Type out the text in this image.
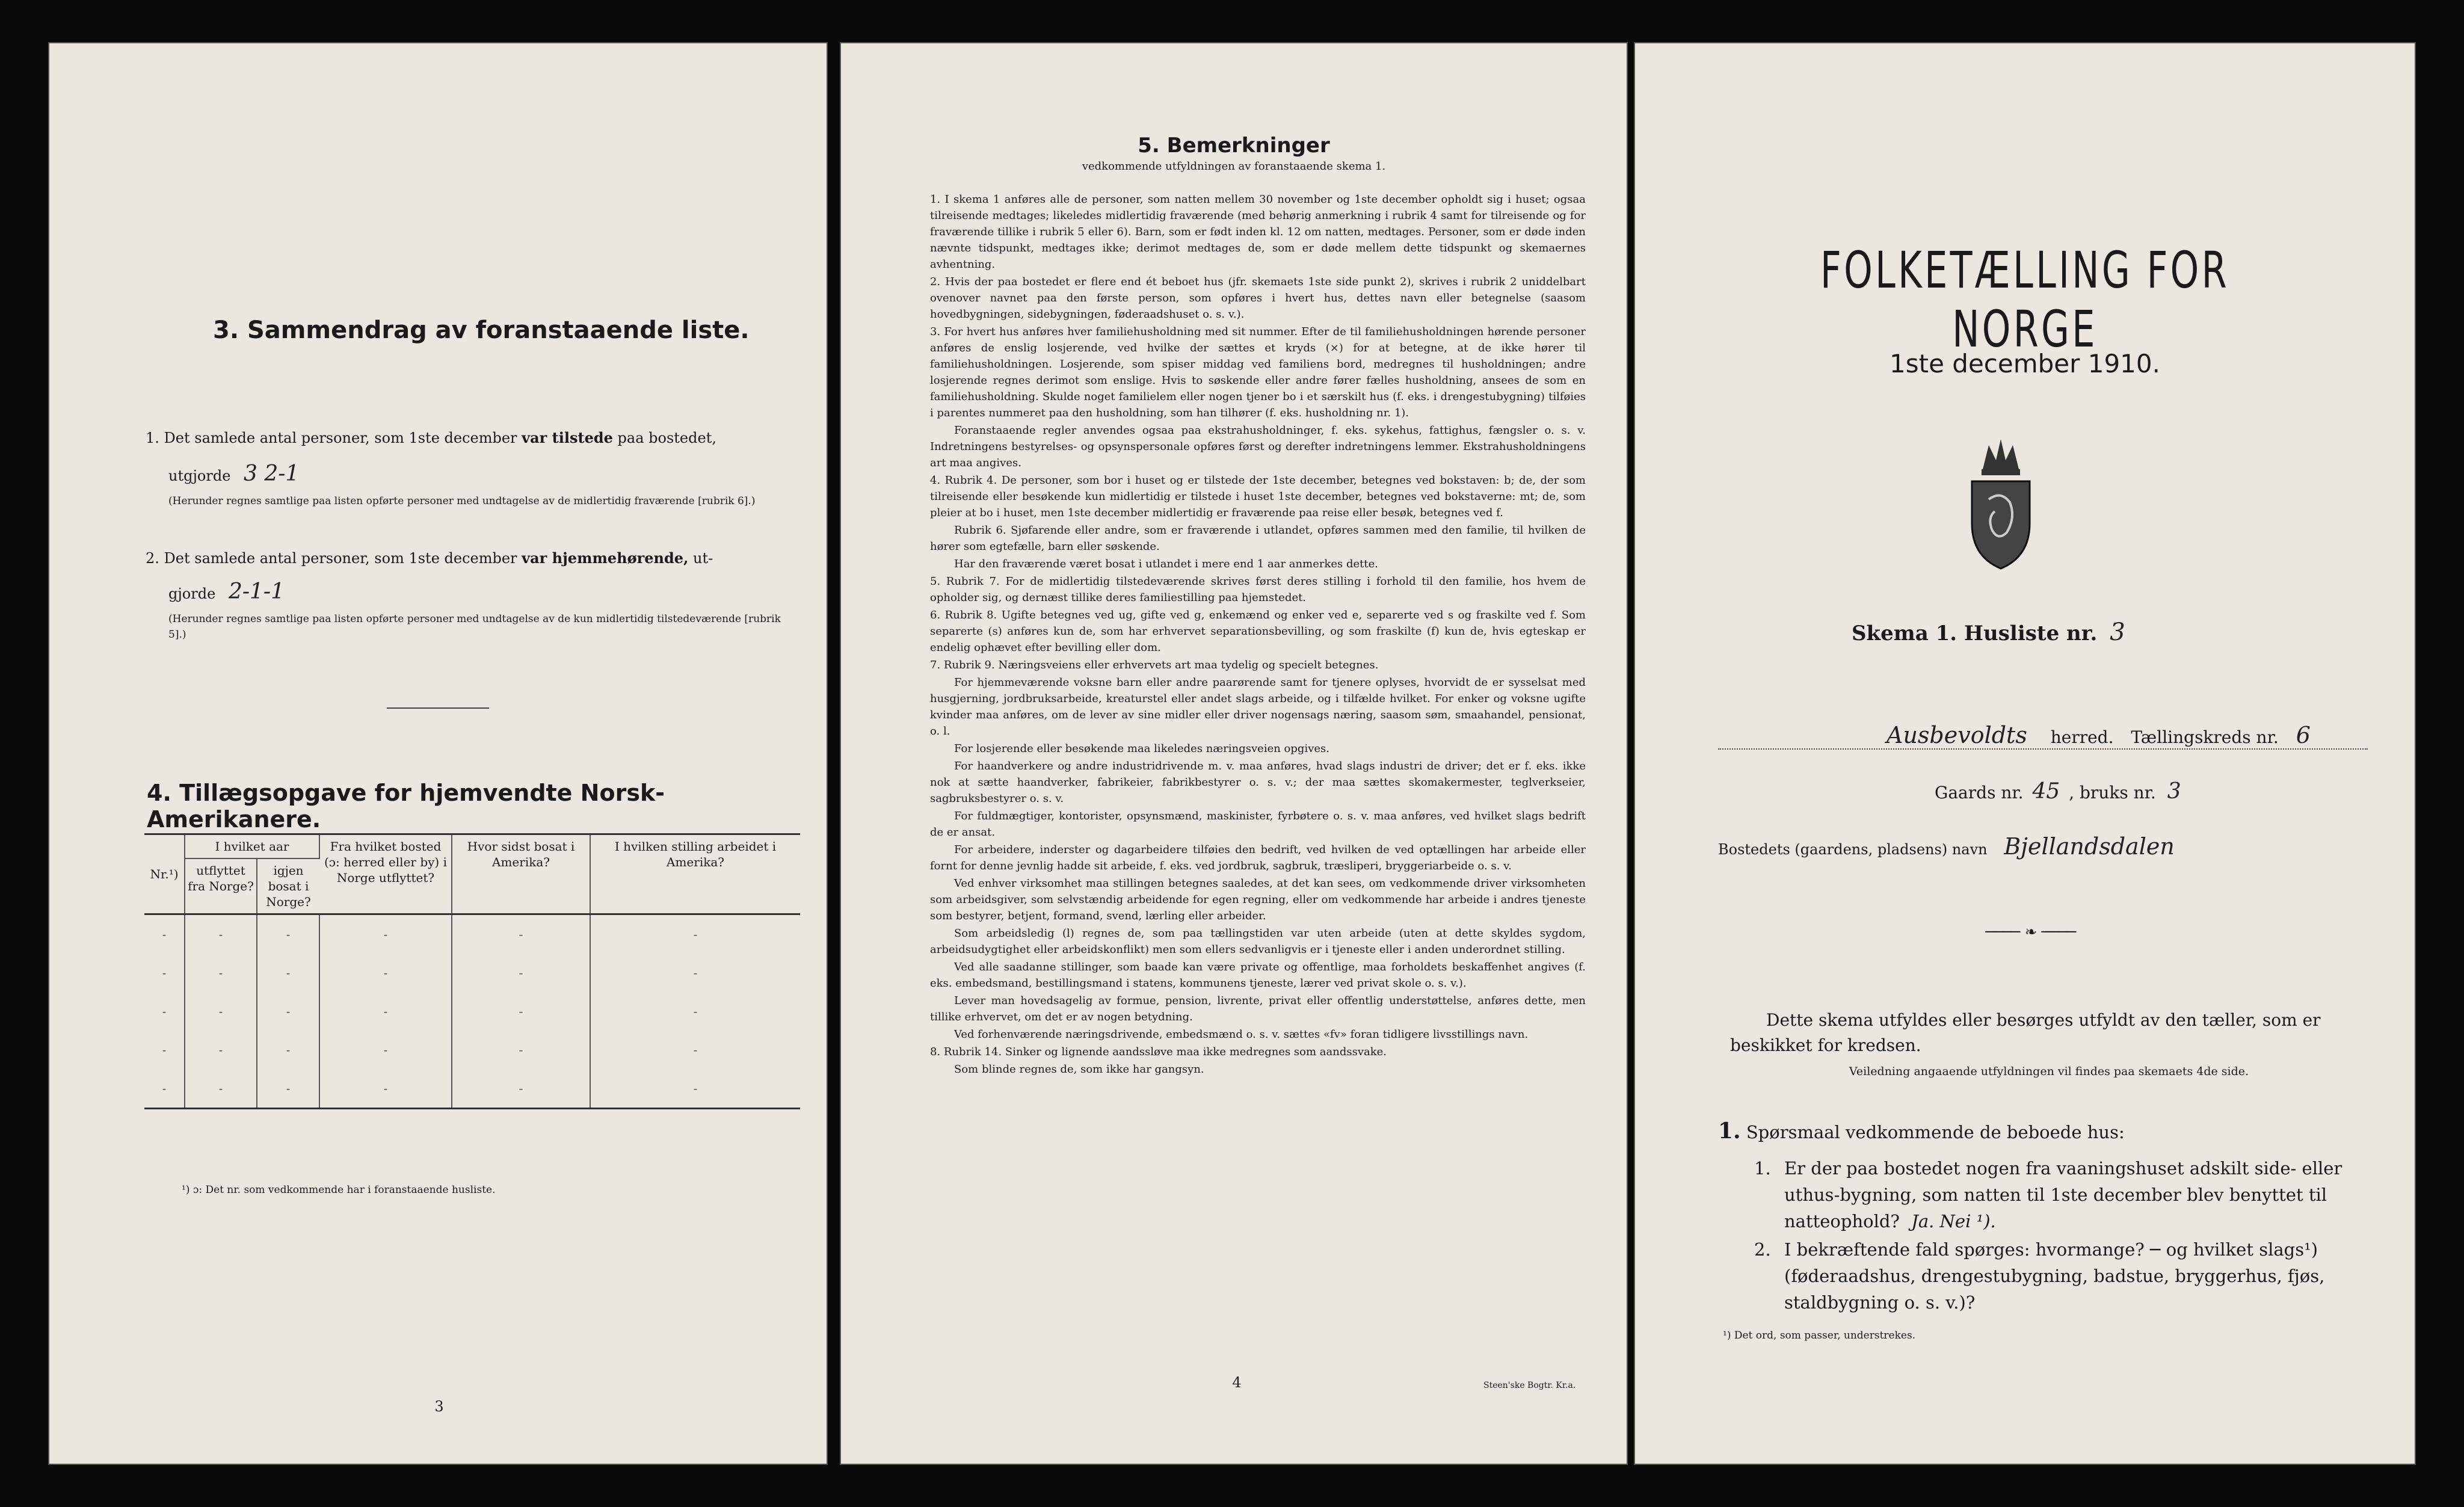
3. Sammendrag av foranstaaende liste.
1. Det samlede antal personer, som 1ste december var tilstede paa bostedet,
utgjorde 3 2-1
(Herunder regnes samtlige paa listen opførte personer med undtagelse av de midlertidig fraværende [rubrik 6].)
2. Det samlede antal personer, som 1ste december var hjemmehørende, ut-
gjorde 2-1-1
(Herunder regnes samtlige paa listen opførte personer med undtagelse av de kun midlertidig tilstedeværende [rubrik 5].)
4. Tillægsopgave for hjemvendte Norsk-Amerikanere.
Nr.¹)	I hvilket aar		Fra hvilket bosted (ɔ: herred eller by) i Norge utflyttet?	Hvor sidst bosat i Amerika?	I hvilken stilling arbeidet i Amerika?
	utflyttet fra Norge?	igjen bosat i Norge?			
-	-	-	-	-	-
-	-	-	-	-	-
-	-	-	-	-	-
-	-	-	-	-	-
-	-	-	-	-	-
¹) ɔ: Det nr. som vedkommende har i foranstaaende husliste.
3
5. Bemerkninger
vedkommende utfyldningen av foranstaaende skema 1.

1. I skema 1 anføres alle de personer, som natten mellem 30 november og 1ste december opholdt sig i huset; ogsaa tilreisende medtages; likeledes midlertidig fraværende (med behørig anmerkning i rubrik 4 samt for tilreisende og for fraværende tillike i rubrik 5 eller 6). Barn, som er født inden kl. 12 om natten, medtages. Personer, som er døde inden nævnte tidspunkt, medtages ikke; derimot medtages de, som er døde mellem dette tidspunkt og skemaernes avhentning.

2. Hvis der paa bostedet er flere end ét beboet hus (jfr. skemaets 1ste side punkt 2), skrives i rubrik 2 uniddelbart ovenover navnet paa den første person, som opføres i hvert hus, dettes navn eller betegnelse (saasom hovedbygningen, sidebygningen, føderaadshuset o. s. v.).

3. For hvert hus anføres hver familiehusholdning med sit nummer. Efter de til familiehusholdningen hørende personer anføres de enslig losjerende, ved hvilke der sættes et kryds (×) for at betegne, at de ikke hører til familiehusholdningen. Losjerende, som spiser middag ved familiens bord, medregnes til husholdningen; andre losjerende regnes derimot som enslige. Hvis to søskende eller andre fører fælles husholdning, ansees de som en familiehusholdning. Skulde noget familielem eller nogen tjener bo i et særskilt hus (f. eks. i drengestubygning) tilføies i parentes nummeret paa den husholdning, som han tilhører (f. eks. husholdning nr. 1).

Foranstaaende regler anvendes ogsaa paa ekstrahusholdninger, f. eks. sykehus, fattighus, fængsler o. s. v. Indretningens bestyrelses- og opsynspersonale opføres først og derefter indretningens lemmer. Ekstrahusholdningens art maa angives.

4. Rubrik 4. De personer, som bor i huset og er tilstede der 1ste december, betegnes ved bokstaven: b; de, der som tilreisende eller besøkende kun midlertidig er tilstede i huset 1ste december, betegnes ved bokstaverne: mt; de, som pleier at bo i huset, men 1ste december midlertidig er fraværende paa reise eller besøk, betegnes ved f.

Rubrik 6. Sjøfarende eller andre, som er fraværende i utlandet, opføres sammen med den familie, til hvilken de hører som egtefælle, barn eller søskende.

Har den fraværende været bosat i utlandet i mere end 1 aar anmerkes dette.

5. Rubrik 7. For de midlertidig tilstedeværende skrives først deres stilling i forhold til den familie, hos hvem de opholder sig, og dernæst tillike deres familiestilling paa hjemstedet.

6. Rubrik 8. Ugifte betegnes ved ug, gifte ved g, enkemænd og enker ved e, separerte ved s og fraskilte ved f. Som separerte (s) anføres kun de, som har erhvervet separationsbevilling, og som fraskilte (f) kun de, hvis egteskap er endelig ophævet efter bevilling eller dom.

7. Rubrik 9. Næringsveiens eller erhvervets art maa tydelig og specielt betegnes.

For hjemmeværende voksne barn eller andre paarørende samt for tjenere oplyses, hvorvidt de er sysselsat med husgjerning, jordbruksarbeide, kreaturstel eller andet slags arbeide, og i tilfælde hvilket. For enker og voksne ugifte kvinder maa anføres, om de lever av sine midler eller driver nogensags næring, saasom søm, smaahandel, pensionat, o. l.

For losjerende eller besøkende maa likeledes næringsveien opgives.

For haandverkere og andre industridrivende m. v. maa anføres, hvad slags industri de driver; det er f. eks. ikke nok at sætte haandverker, fabrikeier, fabrikbestyrer o. s. v.; der maa sættes skomakermester, teglverkseier, sagbruksbestyrer o. s. v.

For fuldmægtiger, kontorister, opsynsmænd, maskinister, fyrbøtere o. s. v. maa anføres, ved hvilket slags bedrift de er ansat.

For arbeidere, inderster og dagarbeidere tilføies den bedrift, ved hvilken de ved optællingen har arbeide eller fornt for denne jevnlig hadde sit arbeide, f. eks. ved jordbruk, sagbruk, træsliperi, bryggeriarbeide o. s. v.

Ved enhver virksomhet maa stillingen betegnes saaledes, at det kan sees, om vedkommende driver virksomheten som arbeidsgiver, som selvstændig arbeidende for egen regning, eller om vedkommende har arbeide i andres tjeneste som bestyrer, betjent, formand, svend, lærling eller arbeider.

Som arbeidsledig (l) regnes de, som paa tællingstiden var uten arbeide (uten at dette skyldes sygdom, arbeidsudygtighet eller arbeidskonflikt) men som ellers sedvanligvis er i tjeneste eller i anden underordnet stilling.

Ved alle saadanne stillinger, som baade kan være private og offentlige, maa forholdets beskaffenhet angives (f. eks. embedsmand, bestillingsmand i statens, kommunens tjeneste, lærer ved privat skole o. s. v.).

Lever man hovedsagelig av formue, pension, livrente, privat eller offentlig understøttelse, anføres dette, men tillike erhvervet, om det er av nogen betydning.

Ved forhenværende næringsdrivende, embedsmænd o. s. v. sættes «fv» foran tidligere livsstillings navn.

8. Rubrik 14. Sinker og lignende aandssløve maa ikke medregnes som aandssvake.

Som blinde regnes de, som ikke har gangsyn.

4	Steen'ske Bogtr. Kr.a.
FOLKETÆLLING FOR NORGE
1ste december 1910.
Skema 1. Husliste nr. 3
Ausbevoldts herred. Tællingskreds nr. 6
Gaards nr. 45 , bruks nr. 3
Bostedets (gaardens, pladsens) navn Bjellandsdalen
──── ❧ ────
Dette skema utfyldes eller besørges utfyldt av den tæller, som er beskikket for kredsen.
Veiledning angaaende utfyldningen vil findes paa skemaets 4de side.
1. Spørsmaal vedkommende de beboede hus:
1. Er der paa bostedet nogen fra vaaningshuset adskilt side- eller uthus-bygning, som natten til 1ste december blev benyttet til natteophold? Ja. Nei ¹).
2. I bekræftende fald spørges: hvormange? ─ og hvilket slags¹) (føderaadshus, drengestubygning, badstue, bryggerhus, fjøs, staldbygning o. s. v.)?
¹) Det ord, som passer, understrekes.
